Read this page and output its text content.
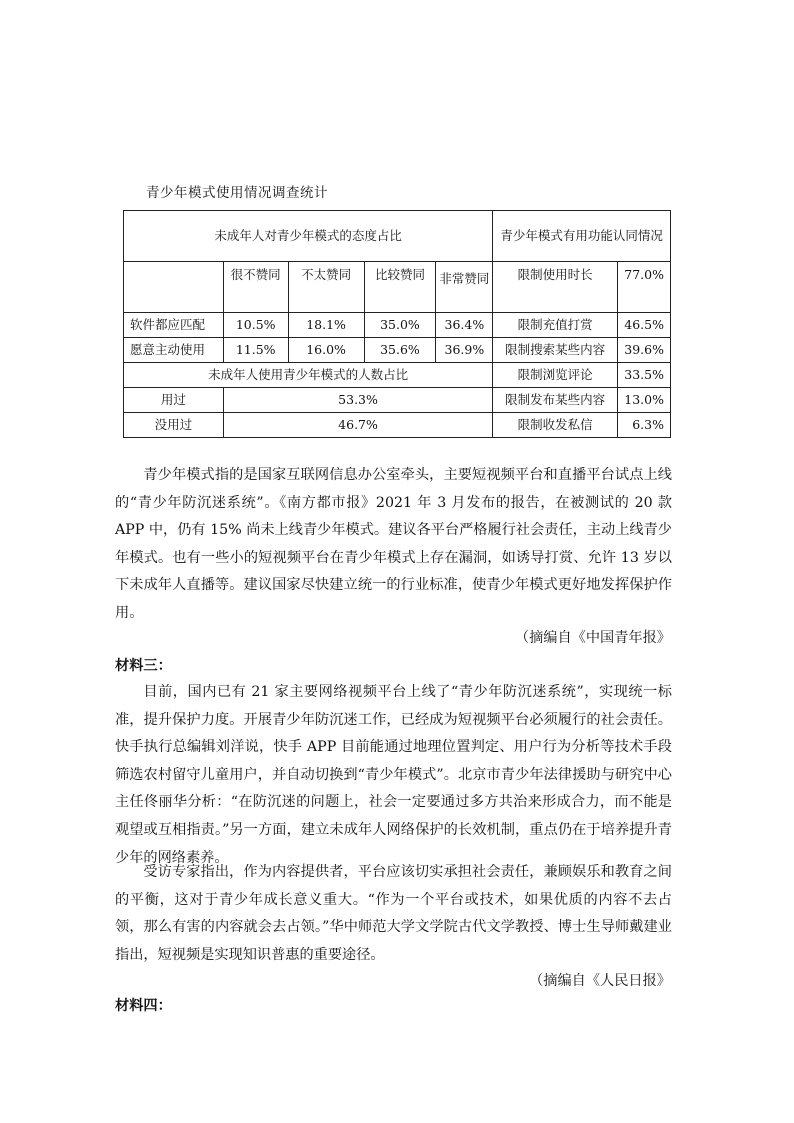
青少年模式使用情况调查统计
未成年人对青少年模式的态度占比					青少年模式有用功能认同情况	
	很不赞同	不太赞同	比较赞同	非常赞同	限制使用时长	77.0%
软件都应匹配	10.5%	18.1%	35.0%	36.4%	限制充值打赏	46.5%
愿意主动使用	11.5%	16.0%	35.6%	36.9%	限制搜索某些内容	39.6%
未成年人使用青少年模式的人数占比					限制浏览评论	33.5%
用过	53.3%				限制发布某些内容	13.0%
没用过	46.7%				限制收发私信	6.3%

青少年模式指的是国家互联网信息办公室牵头，主要短视频平台和直播平台试点上线的“青少年防沉迷系统”。《南方都市报》2021 年 3 月发布的报告，在被测试的 20 款 APP 中，仍有 15% 尚未上线青少年模式。建议各平台严格履行社会责任，主动上线青少年模式。也有一些小的短视频平台在青少年模式上存在漏洞，如诱导打赏、允许 13 岁以下未成年人直播等。建议国家尽快建立统一的行业标准，使青少年模式更好地发挥保护作用。

（摘编自《中国青年报》
材料三：

目前，国内已有 21 家主要网络视频平台上线了“青少年防沉迷系统”，实现统一标准，提升保护力度。开展青少年防沉迷工作，已经成为短视频平台必须履行的社会责任。快手执行总编辑刘洋说，快手 APP 目前能通过地理位置判定、用户行为分析等技术手段筛选农村留守儿童用户，并自动切换到“青少年模式”。北京市青少年法律援助与研究中心主任佟丽华分析：“在防沉迷的问题上，社会一定要通过多方共治来形成合力，而不能是观望或互相指责。”另一方面，建立未成年人网络保护的长效机制，重点仍在于培养提升青少年的网络素养。

受访专家指出，作为内容提供者，平台应该切实承担社会责任，兼顾娱乐和教育之间的平衡，这对于青少年成长意义重大。“作为一个平台或技术，如果优质的内容不去占领，那么有害的内容就会去占领。”华中师范大学文学院古代文学教授、博士生导师戴建业指出，短视频是实现知识普惠的重要途径。

（摘编自《人民日报》
材料四：
